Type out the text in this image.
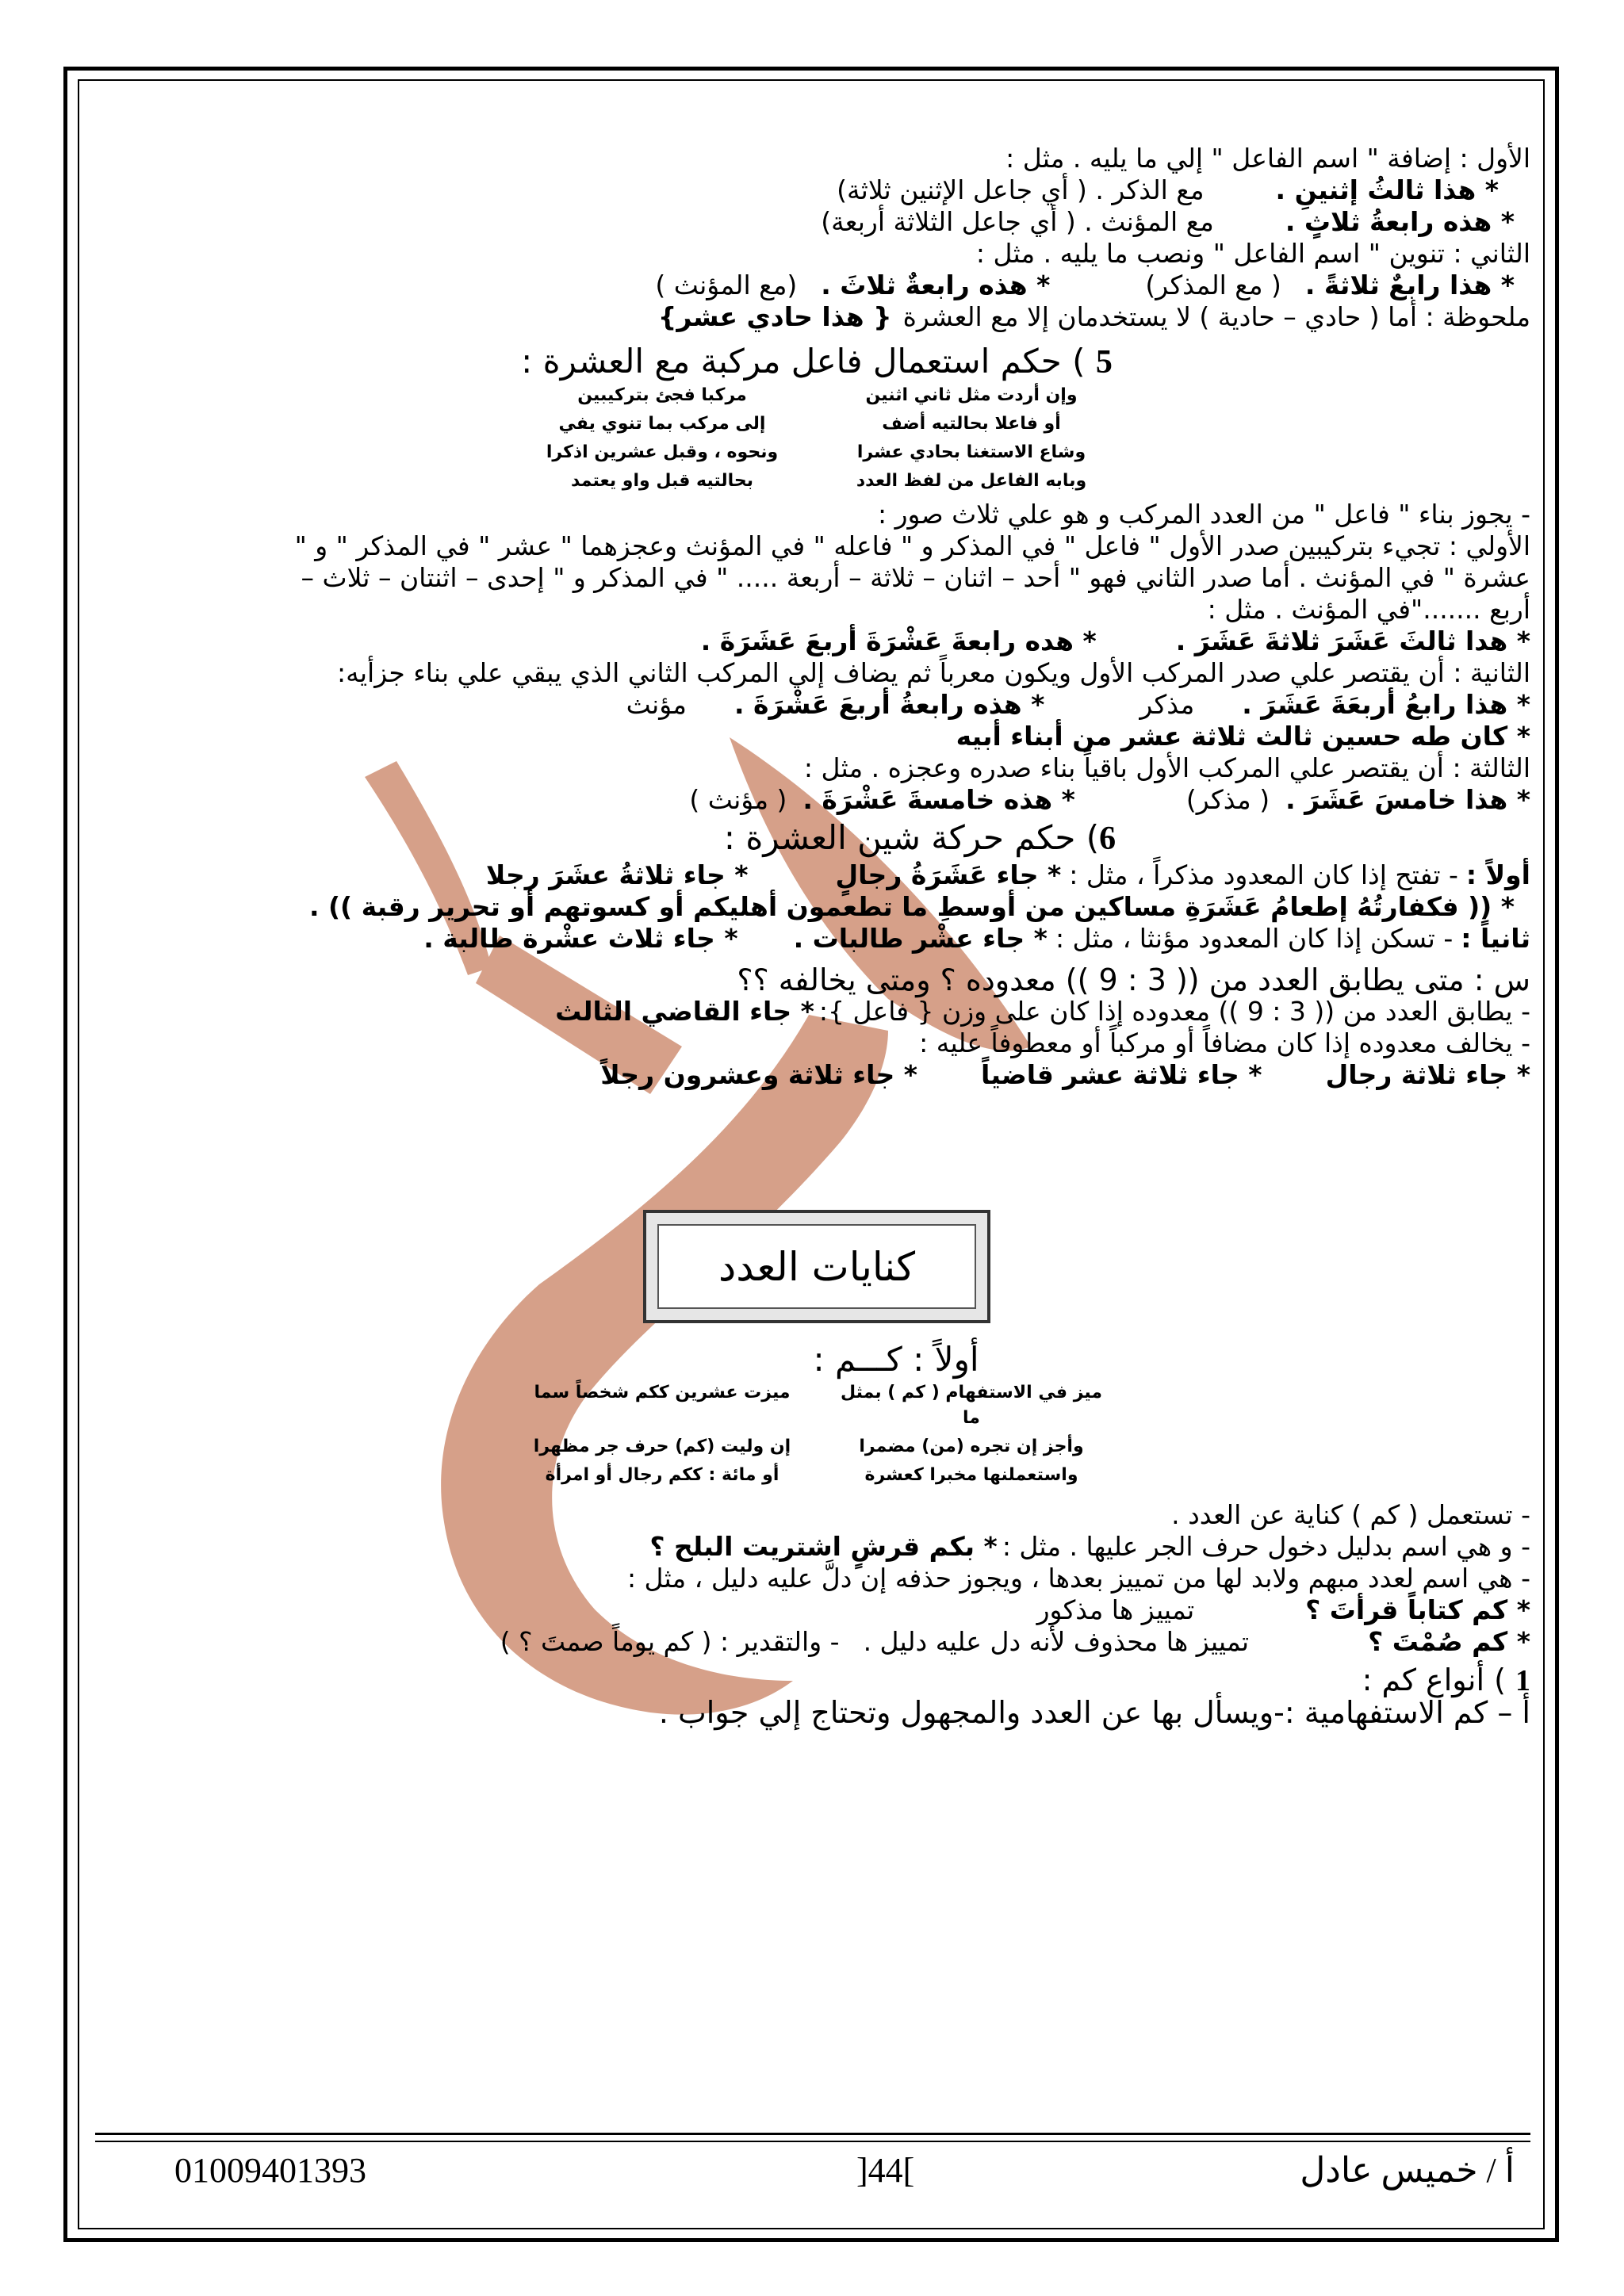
الأول : إضافة " اسم الفاعل " إلي ما يليه . مثل :

* هذا ثالثُ إثنينِ .
مع الذكر . ( أي جاعل الإثنين ثلاثة)
* هذه رابعةُ ثلاثٍ .
مع المؤنث . ( أي جاعل الثلاثة أربعة)

الثاني : تنوين " اسم الفاعل " ونصب ما يليه . مثل :

* هذا رابعٌ ثلاثةً .
( مع المذكر)
* هذه رابعةٌ ثلاثَ .
(مع المؤنث )
ملحوظة : أما ( حادي – حادية ) لا يستخدمان إلا مع العشرة
{ هذا حادي عشر}
5 ) حكم استعمال فاعل مركبة مع العشرة :
وإن أردت مثل ثاني اثنين
مركبا فجئ بتركيبين
أو فاعلا بحالتيه أضف
إلى مركب بما تنوي يفي
وشاع الاستغنا بحادي عشرا
ونحوه ، وقبل عشرين اذكرا
وبابه الفاعل من لفظ العدد
بحالتيه قبل واو يعتمد

- يجوز بناء " فاعل " من العدد المركب و هو علي ثلاث صور :

الأولي : تجيء بتركيبين صدر الأول " فاعل " في المذكر و " فاعله " في المؤنث وعجزهما " عشر " في المذكر " و "

عشرة " في المؤنث . أما صدر الثاني فهو " أحد – اثنان – ثلاثة – أربعة ..... " في المذكر و " إحدى – اثنتان – ثلاث –

أربع ......."في المؤنث . مثل :

* هدا ثالثَ عَشَرَ ثلاثةَ عَشَرَ .
* هده رابعةَ عَشْرَةَ أربعَ عَشَرَةَ .

الثانية : أن يقتصر علي صدر المركب الأول ويكون معرباً ثم يضاف إلي المركب الثاني الذي يبقي علي بناء جزأيه:

* هذا رابعُ أربعَةَ عَشَرَ .
مذكر
* هذه رابعةُ أربعَ عَشْرَةَ .
مؤنث

* كان طه حسين ثالث ثلاثة عشر من أبناء أبيه

الثالثة : أن يقتصر علي المركب الأول باقياً بناء صدره وعجزه . مثل :

* هذا خامسَ عَشَرَ .
( مذكر)
* هذه خامسةَ عَشْرَةَ .
( مؤنث )
6) حكم حركة شين العشرة :
أولاً :
- تفتح إذا كان المعدود مذكراً ، مثل :
* جاء عَشَرَةُ رجالٍ
* جاء ثلاثةُ عشَرَ رجلا

* (( فكفارتُهُ إطعامُ عَشَرَةِ مساكين من أوسطِ ما تطعمون أهليكم أو كسوتهم أو تحرير رقبة )) .

ثانياً :
- تسكن إذا كان المعدود مؤنثا ، مثل :
* جاء عشْر طالبات .
* جاء ثلاث عشْرة طالبة .

س : متى يطابق العدد من (( 3 : 9 )) معدوده ؟ ومتى يخالفه ؟؟

- يطابق العدد من (( 3 : 9 )) معدوده إذا كان على وزن { فاعل }:
* جاء القاضي الثالث

- يخالف معدوده إذا كان مضافاً أو مركباً أو معطوفاً عليه :

* جاء ثلاثة رجال
* جاء ثلاثة عشر قاضياً
* جاء ثلاثة وعشرون رجلاً
كنايات العدد
أولاً : كـــم :
ميز في الاستفهام ( كم ) بمثل ما
ميزت عشرين ككم شخصاً سما
وأجز إن تجره (من) مضمرا
إن وليت (كم) حرف جر مظهرا
واستعملنها مخبرا كعشرة
أو مائة : ككم رجال أو امرأة

- تستعمل ( كم ) كناية عن العدد .

- و هي اسم بدليل دخول حرف الجر عليها . مثل :
* بكم قرشٍ اشتريت البلح ؟

- هي اسم لعدد مبهم ولابد لها من تمييز بعدها ، ويجوز حذفه إن دلَّ عليه دليل ، مثل :

* كم كتاباً قرأتَ ؟
تمييز ها مذكور
* كم صُمْتَ ؟
تمييز ها محذوف لأنه دل عليه دليل .
- والتقدير : ( كم يوماً صمتَ ؟ )
1 ) أنواع كم :

أ – كم الاستفهامية :-ويسأل بها عن العدد والمجهول وتحتاج إلي جواب .

أ / خميس عادل
]44[
01009401393
